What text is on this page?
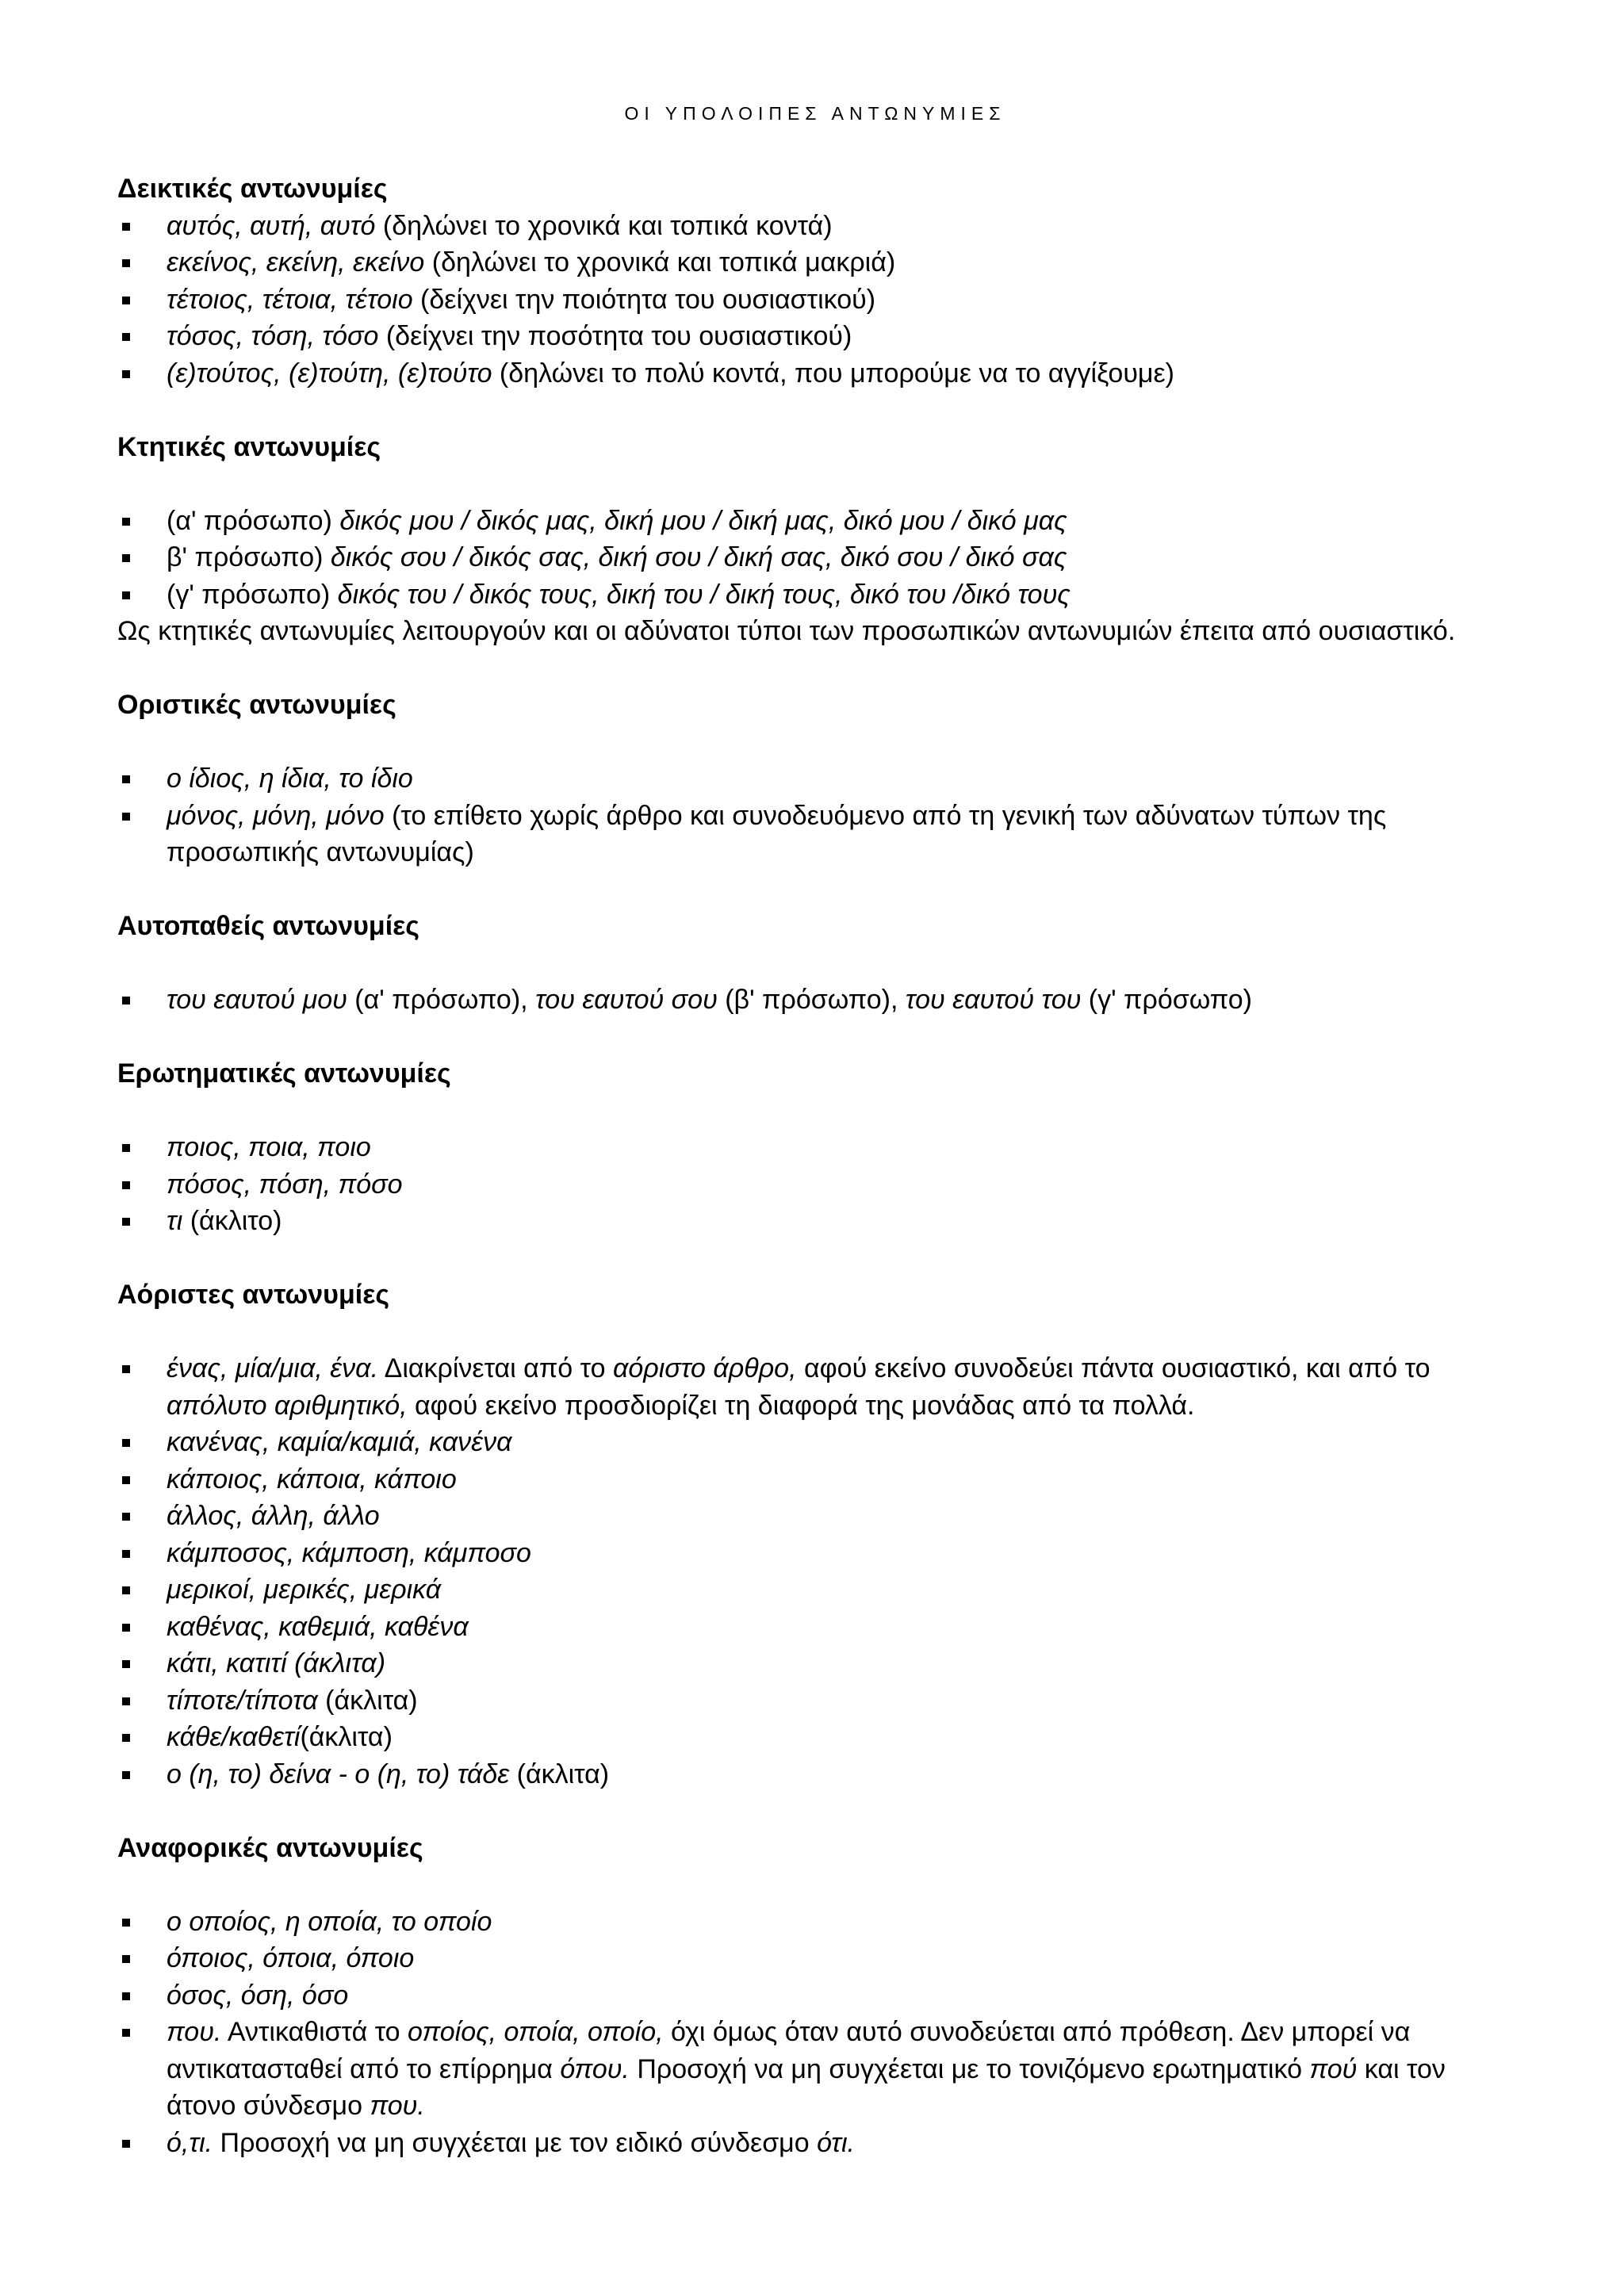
ΟΙ ΥΠΟΛΟΙΠΕΣ ΑΝΤΩΝΥΜΙΕΣ
Δεικτικές αντωνυμίες
αυτός, αυτή, αυτό (δηλώνει το χρονικά και τοπικά κοντά)
εκείνος, εκείνη, εκείνο (δηλώνει το χρονικά και τοπικά μακριά)
τέτοιος, τέτοια, τέτοιο (δείχνει την ποιότητα του ουσιαστικού)
τόσος, τόση, τόσο (δείχνει την ποσότητα του ουσιαστικού)
(ε)τούτος, (ε)τούτη, (ε)τούτο (δηλώνει το πολύ κοντά, που μπορούμε να το αγγίξουμε)
Κτητικές αντωνυμίες
(α' πρόσωπο) δικός μου / δικός μας, δική μου / δική μας, δικό μου / δικό μας
β' πρόσωπο) δικός σου / δικός σας, δική σου / δική σας, δικό σου / δικό σας
(γ' πρόσωπο) δικός του / δικός τους, δική του / δική τους, δικό του /δικό τους

Ως κτητικές αντωνυμίες λειτουργούν και οι αδύνατοι τύποι των προσωπικών αντωνυμιών έπειτα από ουσιαστικό.

Οριστικές αντωνυμίες
ο ίδιος, η ίδια, το ίδιο
μόνος, μόνη, μόνο (το επίθετο χωρίς άρθρο και συνοδευόμενο από τη γενική των αδύνατων τύπων της προσωπικής αντωνυμίας)
Αυτοπαθείς αντωνυμίες
του εαυτού μου (α' πρόσωπο), του εαυτού σου (β' πρόσωπο), του εαυτού του (γ' πρόσωπο)
Ερωτηματικές αντωνυμίες
ποιος, ποια, ποιο
πόσος, πόση, πόσο
τι (άκλιτο)
Αόριστες αντωνυμίες
ένας, μία/μια, ένα. Διακρίνεται από το αόριστο άρθρο, αφού εκείνο συνοδεύει πάντα ουσιαστικό, και από το απόλυτο αριθμητικό, αφού εκείνο προσδιορίζει τη διαφορά της μονάδας από τα πολλά.
κανένας, καμία/καμιά, κανένα
κάποιος, κάποια, κάποιο
άλλος, άλλη, άλλο
κάμποσος, κάμποση, κάμποσο
μερικοί, μερικές, μερικά
καθένας, καθεμιά, καθένα
κάτι, κατιτί (άκλιτα)
τίποτε/τίποτα (άκλιτα)
κάθε/καθετί(άκλιτα)
ο (η, το) δείνα - ο (η, το) τάδε (άκλιτα)
Αναφορικές αντωνυμίες
ο οποίος, η οποία, το οποίο
όποιος, όποια, όποιο
όσος, όση, όσο
που. Αντικαθιστά το οποίος, οποία, οποίο, όχι όμως όταν αυτό συνοδεύεται από πρόθεση. Δεν μπορεί να αντικατασταθεί από το επίρρημα όπου. Προσοχή να μη συγχέεται με το τονιζόμενο ερωτηματικό πού και τον άτονο σύνδεσμο που.
ό,τι. Προσοχή να μη συγχέεται με τον ειδικό σύνδεσμο ότι.
